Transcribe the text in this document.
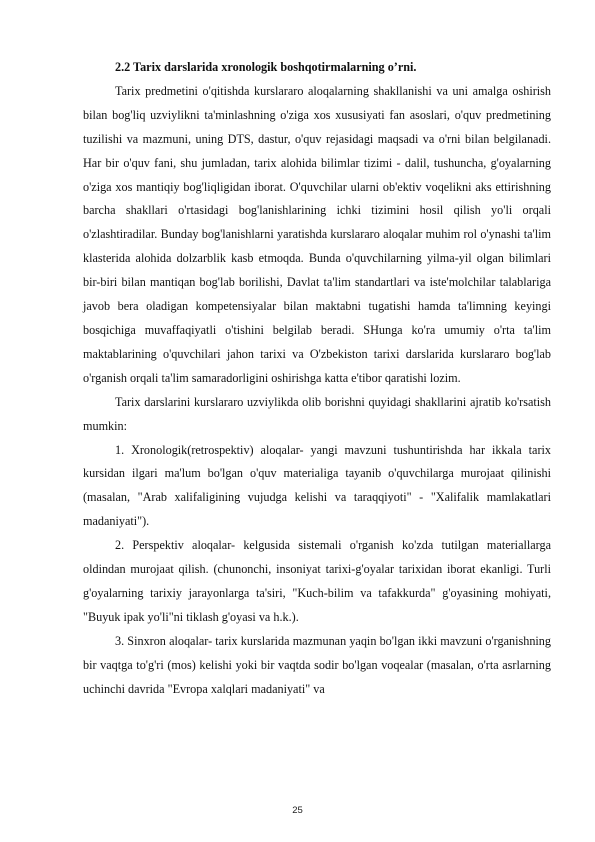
2.2 Tarix darslarida xronologik boshqotirmalarning o’rni.

Tarix predmetini o'qitishda kurslararo aloqalarning shakllanishi va uni amalga oshirish bilan bog'liq uzviylikni ta'minlashning o'ziga xos xususiyati fan asoslari, o'quv predmetining tuzilishi va mazmuni, uning DTS, dastur, o'quv rejasidagi maqsadi va o'rni bilan belgilanadi. Har bir o'quv fani, shu jumladan, tarix alohida bilimlar tizimi - dalil, tushuncha, g'oyalarning o'ziga xos mantiqiy bog'liqligidan iborat. O'quvchilar ularni ob'ektiv voqelikni aks ettirishning barcha shakllari o'rtasidagi bog'lanishlarining ichki tizimini hosil qilish yo'li orqali o'zlashtiradilar. Bunday bog'lanishlarni yaratishda kurslararo aloqalar muhim rol o'ynashi ta'lim klasterida alohida dolzarblik kasb etmoqda. Bunda o'quvchilarning yilma-yil olgan bilimlari bir-biri bilan mantiqan bog'lab borilishi, Davlat ta'lim standartlari va iste'molchilar talablariga javob bera oladigan kompetensiyalar bilan maktabni tugatishi hamda ta'limning keyingi bosqichiga muvaffaqiyatli o'tishini belgilab beradi. SHunga ko'ra umumiy o'rta ta'lim maktablarining o'quvchilari jahon tarixi va O'zbekiston tarixi darslarida kurslararo bog'lab o'rganish orqali ta'lim samaradorligini oshirishga katta e'tibor qaratishi lozim.

Tarix darslarini kurslararo uzviylikda olib borishni quyidagi shakllarini ajratib ko'rsatish mumkin:

1. Xronologik(retrospektiv) aloqalar- yangi mavzuni tushuntirishda har ikkala tarix kursidan ilgari ma'lum bo'lgan o'quv materialiga tayanib o'quvchilarga murojaat qilinishi (masalan, "Arab xalifaligining vujudga kelishi va taraqqiyoti" - "Xalifalik mamlakatlari madaniyati").

2. Perspektiv aloqalar- kelgusida sistemali o'rganish ko'zda tutilgan materiallarga oldindan murojaat qilish. (chunonchi, insoniyat tarixi-g'oyalar tarixidan iborat ekanligi. Turli g'oyalarning tarixiy jarayonlarga ta'siri, "Kuch-bilim va tafakkurda" g'oyasining mohiyati, "Buyuk ipak yo'li"ni tiklash g'oyasi va h.k.).

3. Sinxron aloqalar- tarix kurslarida mazmunan yaqin bo'lgan ikki mavzuni o'rganishning bir vaqtga to'g'ri (mos) kelishi yoki bir vaqtda sodir bo'lgan voqealar (masalan, o'rta asrlarning uchinchi davrida "Evropa xalqlari madaniyati" va

25
